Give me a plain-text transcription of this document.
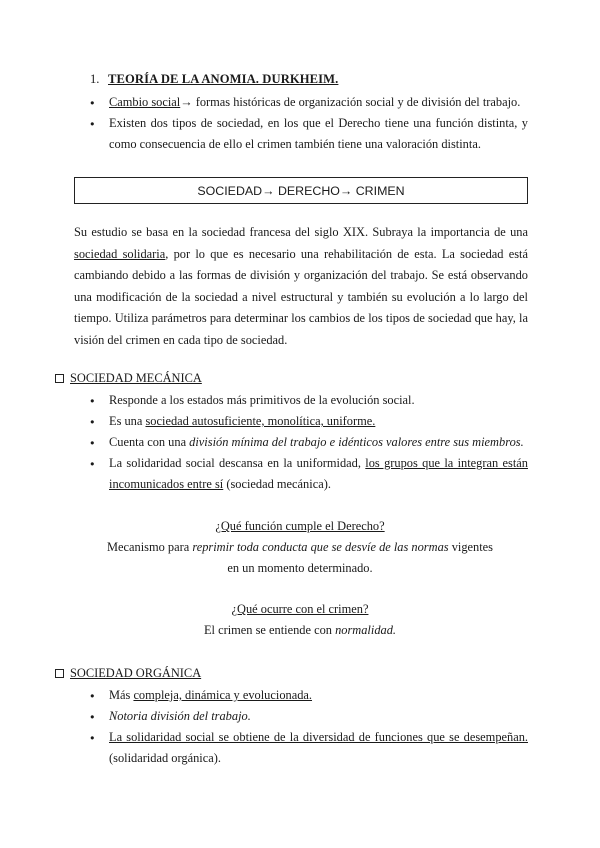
1. TEORÍA DE LA ANOMIA. DURKHEIM.
● Cambio social→ formas históricas de organización social y de división del trabajo.
● Existen dos tipos de sociedad, en los que el Derecho tiene una función distinta, y como consecuencia de ello el crimen también tiene una valoración distinta.
SOCIEDAD→ DERECHO→ CRIMEN
Su estudio se basa en la sociedad francesa del siglo XIX. Subraya la importancia de una sociedad solidaria, por lo que es necesario una rehabilitación de esta. La sociedad está cambiando debido a las formas de división y organización del trabajo. Se está observando una modificación de la sociedad a nivel estructural y también su evolución a lo largo del tiempo. Utiliza parámetros para determinar los cambios de los tipos de sociedad que hay, la visión del crimen en cada tipo de sociedad.
SOCIEDAD MECÁNICA
● Responde a los estados más primitivos de la evolución social.
● Es una sociedad autosuficiente, monolítica, uniforme.
● Cuenta con una división mínima del trabajo e idénticos valores entre sus miembros.
● La solidaridad social descansa en la uniformidad, los grupos que la integran están incomunicados entre sí (sociedad mecánica).
¿Qué función cumple el Derecho?
Mecanismo para reprimir toda conducta que se desvíe de las normas vigentes en un momento determinado.
¿Qué ocurre con el crimen?
El crimen se entiende con normalidad.
SOCIEDAD ORGÁNICA
● Más compleja, dinámica y evolucionada.
● Notoria división del trabajo.
● La solidaridad social se obtiene de la diversidad de funciones que se desempeñan. (solidaridad orgánica).
